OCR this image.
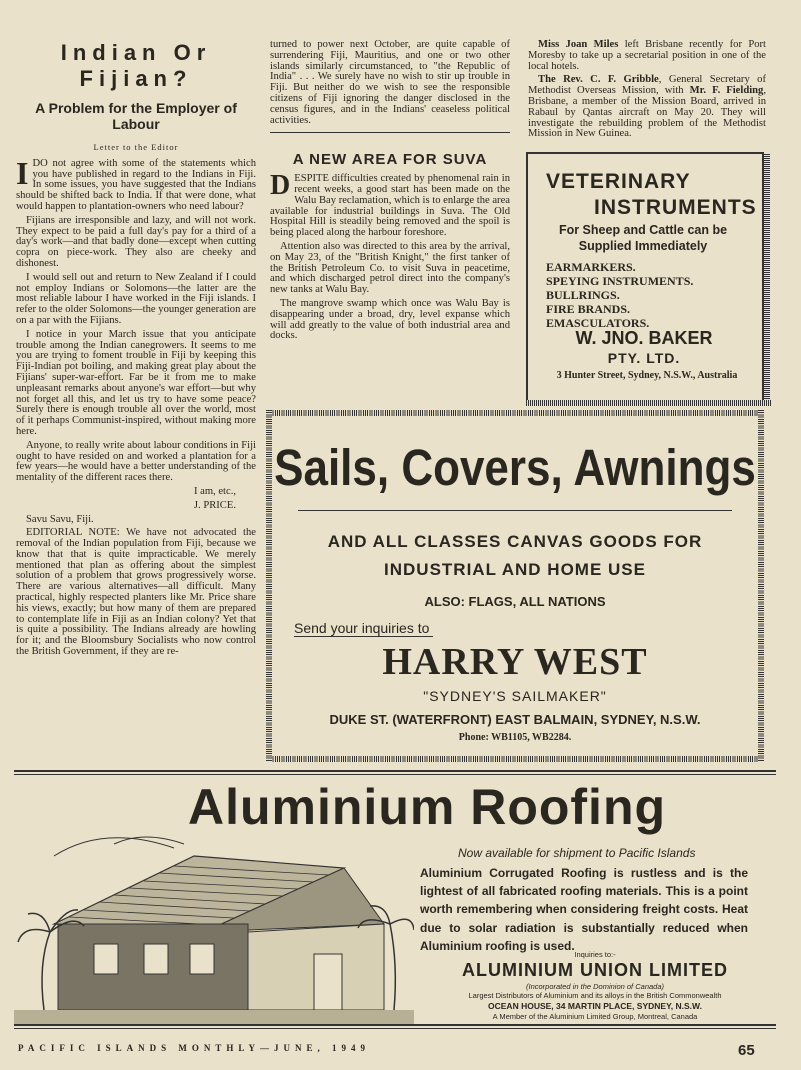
Indian Or Fijian?
A Problem for the Employer of Labour
Letter to the Editor

IDO not agree with some of the statements which you have published in regard to the Indians in Fiji. In some issues, you have suggested that the Indians should be shifted back to India. If that were done, what would happen to plantation-owners who need labour?

Fijians are irresponsible and lazy, and will not work. They expect to be paid a full day's pay for a third of a day's work—and that badly done—except when cutting copra on piece-work. They also are cheeky and dishonest.

I would sell out and return to New Zealand if I could not employ Indians or Solomons—the latter are the most reliable labour I have worked in the Fiji islands. I refer to the older Solomons—the younger generation are on a par with the Fijians.

I notice in your March issue that you anticipate trouble among the Indian canegrowers. It seems to me you are trying to foment trouble in Fiji by keeping this Fiji-Indian pot boiling, and making great play about the Fijians' super-war-effort. Far be it from me to make unpleasant remarks about anyone's war effort—but why not forget all this, and let us try to have some peace? Surely there is enough trouble all over the world, most of it perhaps Communist-inspired, without making more here.

Anyone, to really write about labour conditions in Fiji ought to have resided on and worked a plantation for a few years—he would have a better understanding of the mentality of the different races there.

I am, etc.,

J. PRICE.

Savu Savu, Fiji.

EDITORIAL NOTE: We have not advocated the removal of the Indian population from Fiji, because we know that that is quite impracticable. We merely mentioned that plan as offering about the simplest solution of a problem that grows progressively worse. There are various alternatives—all difficult. Many practical, highly respected planters like Mr. Price share his views, exactly; but how many of them are prepared to contemplate life in Fiji as an Indian colony? Yet that is quite a possibility. The Indians already are howling for it; and the Bloomsbury Socialists who now control the British Government, if they are re-

turned to power next October, are quite capable of surrendering Fiji, Mauritius, and one or two other islands similarly circumstanced, to "the Republic of India" . . . We surely have no wish to stir up trouble in Fiji. But neither do we wish to see the responsible citizens of Fiji ignoring the danger disclosed in the census figures, and in the Indians' ceaseless political activities.

A NEW AREA FOR SUVA

DESPITE difficulties created by phenomenal rain in recent weeks, a good start has been made on the Walu Bay reclamation, which is to enlarge the area available for industrial buildings in Suva. The Old Hospital Hill is steadily being removed and the spoil is being placed along the harbour foreshore.

Attention also was directed to this area by the arrival, on May 23, of the "British Knight," the first tanker of the British Petroleum Co. to visit Suva in peacetime, and which discharged petrol direct into the company's new tanks at Walu Bay.

The mangrove swamp which once was Walu Bay is disappearing under a broad, dry, level expanse which will add greatly to the value of both industrial area and docks.

Miss Joan Miles left Brisbane recently for Port Moresby to take up a secretarial position in one of the local hotels.

The Rev. C. F. Gribble, General Secretary of Methodist Overseas Mission, with Mr. F. Fielding, Brisbane, a member of the Mission Board, arrived in Rabaul by Qantas aircraft on May 20. They will investigate the rebuilding problem of the Methodist Mission in New Guinea.

VETERINARY
INSTRUMENTS
For Sheep and Cattle can be Supplied Immediately
EARMARKERS.
SPEYING INSTRUMENTS.
BULLRINGS.
FIRE BRANDS.
EMASCULATORS.
W. JNO. BAKER
PTY. LTD.
3 Hunter Street, Sydney, N.S.W., Australia
Sails, Covers, Awnings
AND ALL CLASSES CANVAS GOODS FOR
INDUSTRIAL AND HOME USE
ALSO: FLAGS, ALL NATIONS
Send your inquiries to
HARRY WEST
"SYDNEY'S SAILMAKER"
DUKE ST. (WATERFRONT) EAST BALMAIN, SYDNEY, N.S.W.
Phone: WB1105, WB2284.
Aluminium Roofing
Now available for shipment to Pacific Islands
Aluminium Corrugated Roofing is rustless and is the lightest of all fabricated roofing materials. This is a point worth remembering when considering freight costs. Heat due to solar radiation is substantially reduced when Aluminium roofing is used.
Inquiries to:-
ALUMINIUM UNION LIMITED
(Incorporated in the Dominion of Canada)
Largest Distributors of Aluminium and its alloys in the British Commonwealth
OCEAN HOUSE, 34 MARTIN PLACE, SYDNEY, N.S.W.
A Member of the Aluminium Limited Group, Montreal, Canada
PACIFIC ISLANDS MONTHLY—JUNE, 1949	65
